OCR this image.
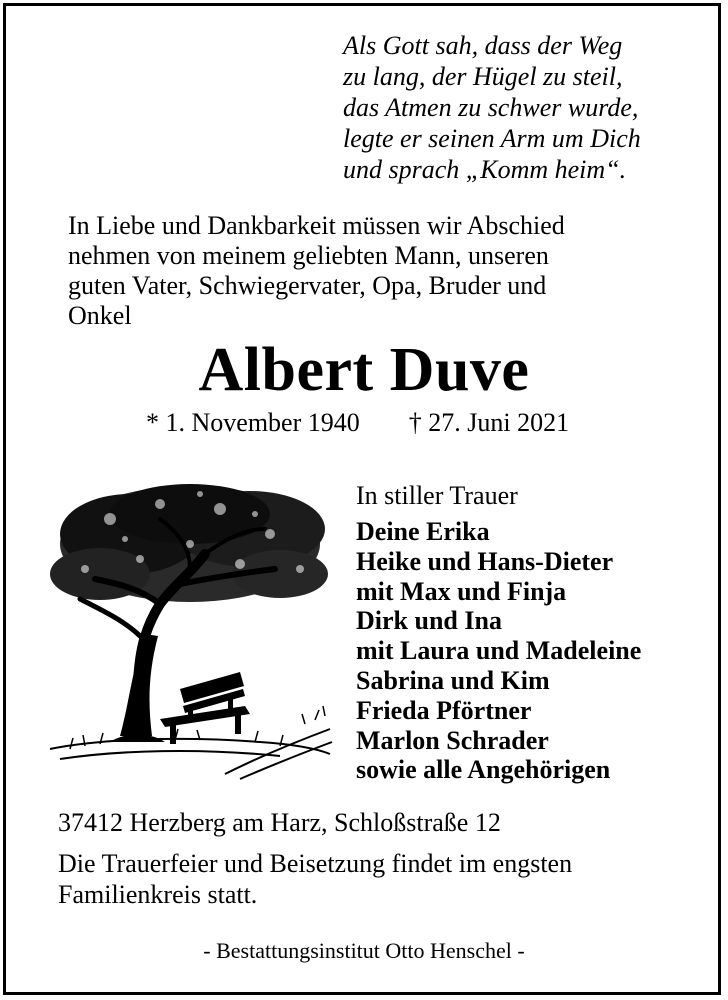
Als Gott sah, dass der Weg
zu lang, der Hügel zu steil,
das Atmen zu schwer wurde,
legte er seinen Arm um Dich
und sprach „Komm heim“.
In Liebe und Dankbarkeit müssen wir Abschied
nehmen von meinem geliebten Mann, unseren
guten Vater, Schwiegervater, Opa, Bruder und
Onkel
Albert Duve
* 1. November 1940 † 27. Juni 2021
In stiller Trauer
Deine Erika
Heike und Hans-Dieter
mit Max und Finja
Dirk und Ina
mit Laura und Madeleine
Sabrina und Kim
Frieda Pförtner
Marlon Schrader
sowie alle Angehörigen
37412 Herzberg am Harz, Schloßstraße 12
Die Trauerfeier und Beisetzung findet im engsten
Familienkreis statt.
- Bestattungsinstitut Otto Henschel -
